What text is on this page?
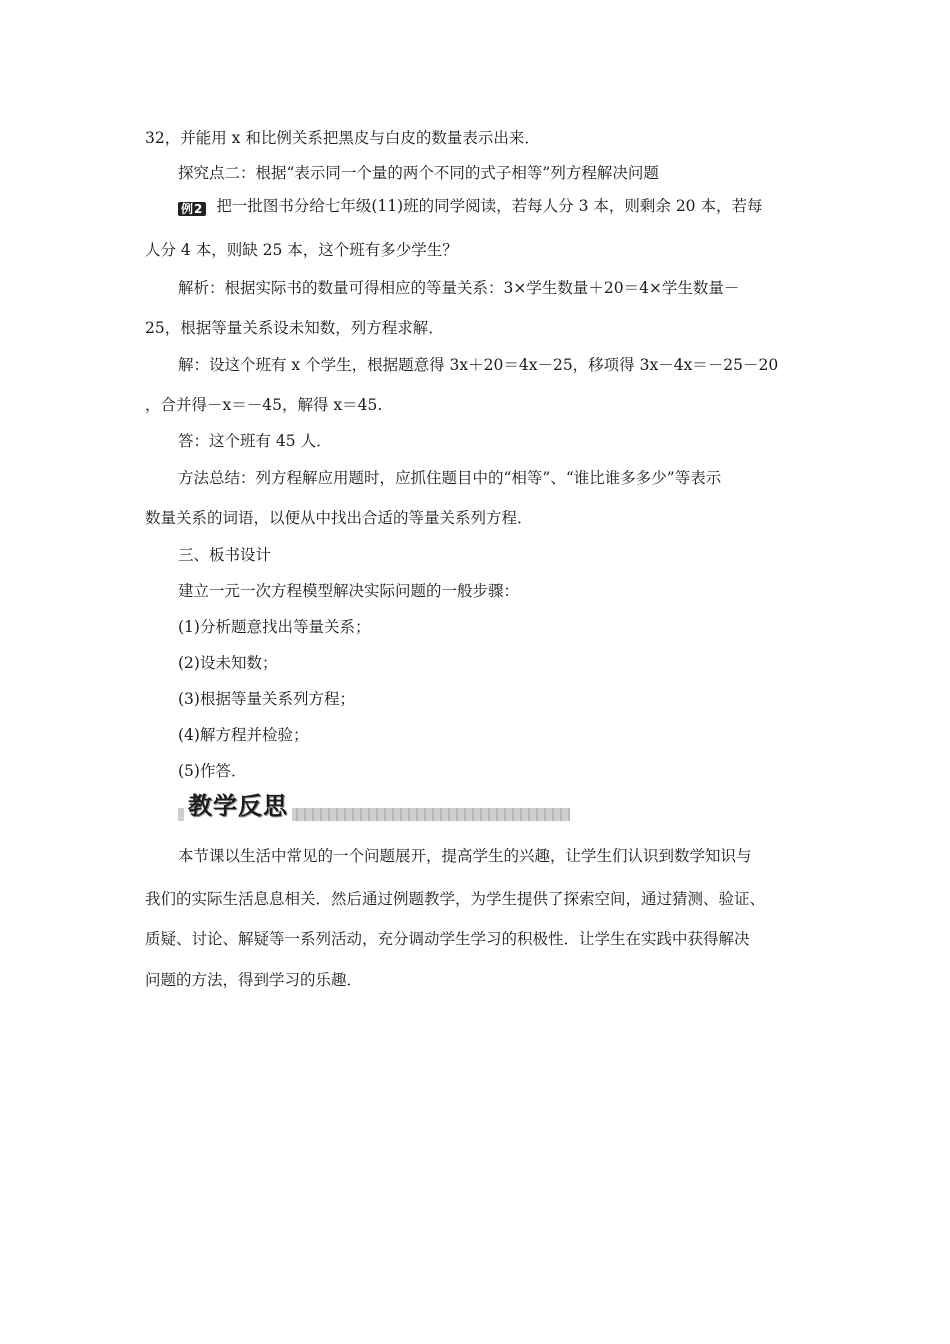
32，并能用 x 和比例关系把黑皮与白皮的数量表示出来．
探究点二：根据“表示同一个量的两个不同的式子相等”列方程解决问题
例2 把一批图书分给七年级(11)班的同学阅读，若每人分 3 本，则剩余 20 本，若每
人分 4 本，则缺 25 本，这个班有多少学生？
解析：根据实际书的数量可得相应的等量关系：3×学生数量＋20＝4×学生数量－
25，根据等量关系设未知数，列方程求解．
解：设这个班有 x 个学生，根据题意得 3x＋20＝4x－25，移项得 3x－4x＝－25－20
，合并得－x＝－45，解得 x＝45.
答：这个班有 45 人．
方法总结：列方程解应用题时，应抓住题目中的“相等”、“谁比谁多多少”等表示
数量关系的词语，以便从中找出合适的等量关系列方程．
三、板书设计
建立一元一次方程模型解决实际问题的一般步骤：
(1)分析题意找出等量关系；
(2)设未知数；
(3)根据等量关系列方程；
(4)解方程并检验；
(5)作答．
教学反思
本节课以生活中常见的一个问题展开，提高学生的兴趣，让学生们认识到数学知识与
我们的实际生活息息相关．然后通过例题教学，为学生提供了探索空间，通过猜测、验证、
质疑、讨论、解疑等一系列活动，充分调动学生学习的积极性．让学生在实践中获得解决
问题的方法，得到学习的乐趣．
